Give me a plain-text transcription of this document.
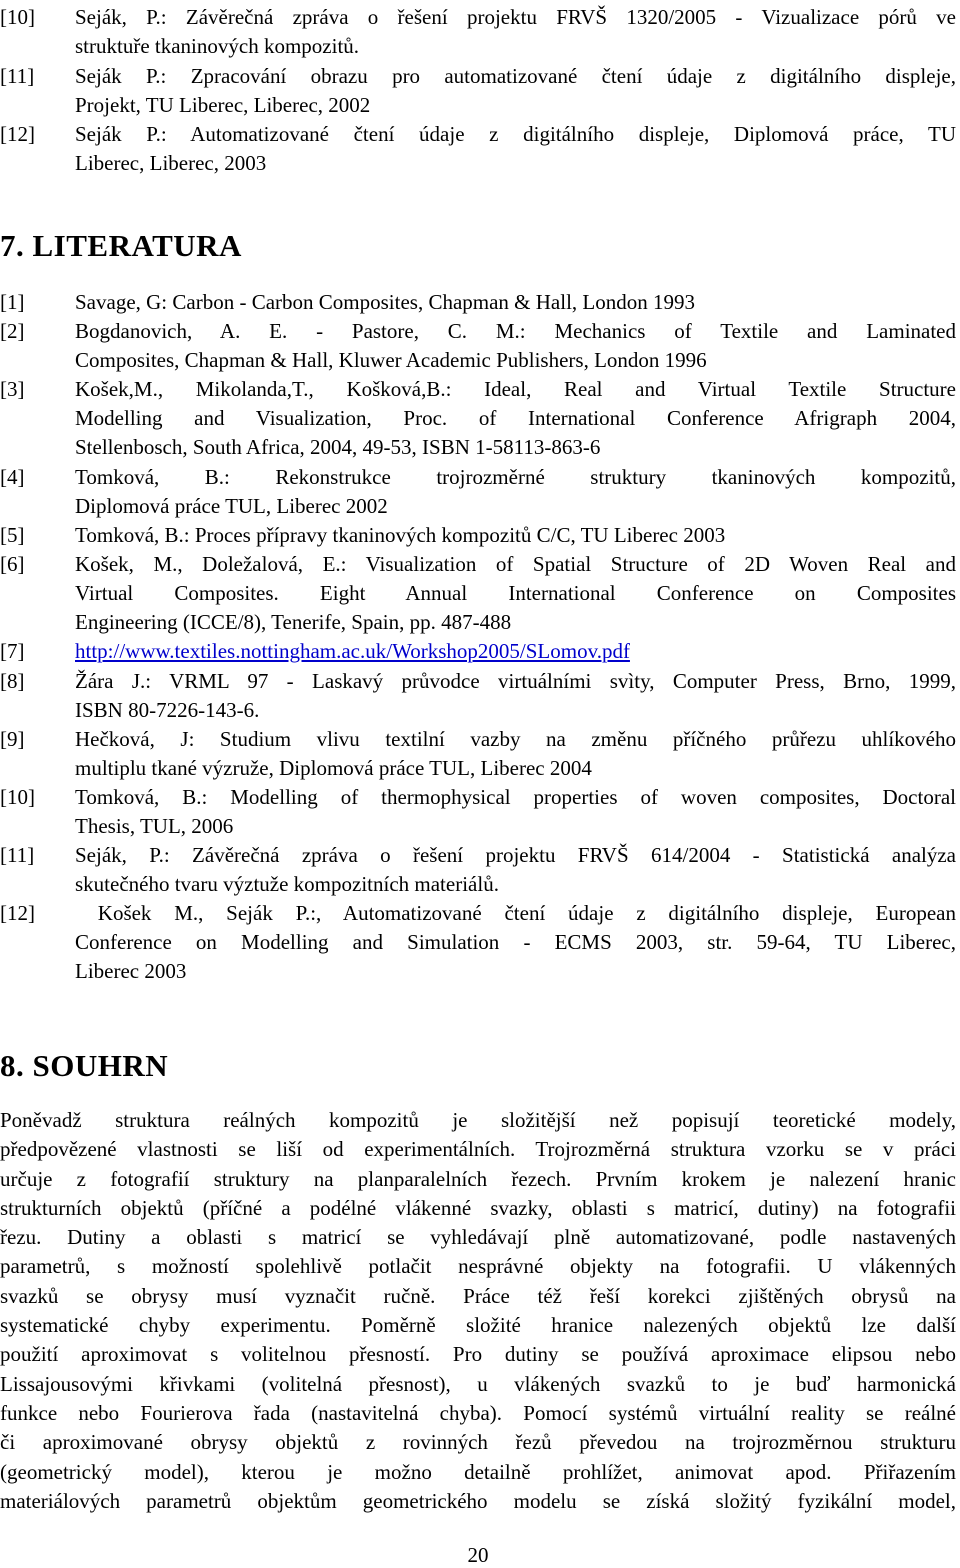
[10] Seják, P.: Závěrečná zpráva o řešení projektu FRVŠ 1320/2005 - Vizualizace pórů ve
struktuře tkaninových kompozitů.
[11] Seják P.: Zpracování obrazu pro automatizované čtení údaje z digitálního displeje,
Projekt, TU Liberec, Liberec, 2002
[12] Seják P.: Automatizované čtení údaje z digitálního displeje, Diplomová práce, TU
Liberec, Liberec, 2003
7. LITERATURA
[1] Savage, G: Carbon - Carbon Composites, Chapman & Hall, London 1993
[2] Bogdanovich, A. E. - Pastore, C. M.: Mechanics of Textile and Laminated
Composites, Chapman & Hall, Kluwer Academic Publishers, London 1996
[3] Košek,M., Mikolanda,T., Košková,B.: Ideal, Real and Virtual Textile Structure
Modelling and Visualization, Proc. of International Conference Afrigraph 2004,
Stellenbosch, South Africa, 2004, 49-53, ISBN 1-58113-863-6
[4] Tomková, B.: Rekonstrukce trojrozměrné struktury tkaninových kompozitů,
Diplomová práce TUL, Liberec 2002
[5] Tomková, B.: Proces přípravy tkaninových kompozitů C/C, TU Liberec 2003
[6] Košek, M., Doležalová, E.: Visualization of Spatial Structure of 2D Woven Real and
Virtual Composites. Eight Annual International Conference on Composites
Engineering (ICCE/8), Tenerife, Spain, pp. 487-488
[7] http://www.textiles.nottingham.ac.uk/Workshop2005/SLomov.pdf
[8] Žára J.: VRML 97 - Laskavý průvodce virtuálními svìty, Computer Press, Brno, 1999,
ISBN 80-7226-143-6.
[9] Hečková, J: Studium vlivu textilní vazby na změnu příčného průřezu uhlíkového
multiplu tkané výzruže, Diplomová práce TUL, Liberec 2004
[10] Tomková, B.: Modelling of thermophysical properties of woven composites, Doctoral
Thesis, TUL, 2006
[11] Seják, P.: Závěrečná zpráva o řešení projektu FRVŠ 614/2004 - Statistická analýza
skutečného tvaru výztuže kompozitních materiálů.
[12] Košek M., Seják P.:, Automatizované čtení údaje z digitálního displeje, European
Conference on Modelling and Simulation - ECMS 2003, str. 59-64, TU Liberec,
Liberec 2003
8. SOUHRN
Poněvadž struktura reálných kompozitů je složitější než popisují teoretické modely,
předpovězené vlastnosti se liší od experimentálních. Trojrozměrná struktura vzorku se v práci
určuje z fotografií struktury na planparalelních řezech. Prvním krokem je nalezení hranic
strukturních objektů (příčné a podélné vlákenné svazky, oblasti s matricí, dutiny) na fotografii
řezu. Dutiny a oblasti s matricí se vyhledávají plně automatizované, podle nastavených
parametrů, s možností spolehlivě potlačit nesprávné objekty na fotografii. U vlákenných
svazků se obrysy musí vyznačit ručně. Práce též řeší korekci zjištěných obrysů na
systematické chyby experimentu. Poměrně složité hranice nalezených objektů lze další
použití aproximovat s volitelnou přesností. Pro dutiny se používá aproximace elipsou nebo
Lissajousovými křivkami (volitelná přesnost), u vlákených svazků to je buď harmonická
funkce nebo Fourierova řada (nastavitelná chyba). Pomocí systémů virtuální reality se reálné
či aproximované obrysy objektů z rovinných řezů převedou na trojrozměrnou strukturu
(geometrický model), kterou je možno detailně prohlížet, animovat apod. Přiřazením
materiálových parametrů objektům geometrického modelu se získá složitý fyzikální model,
20
